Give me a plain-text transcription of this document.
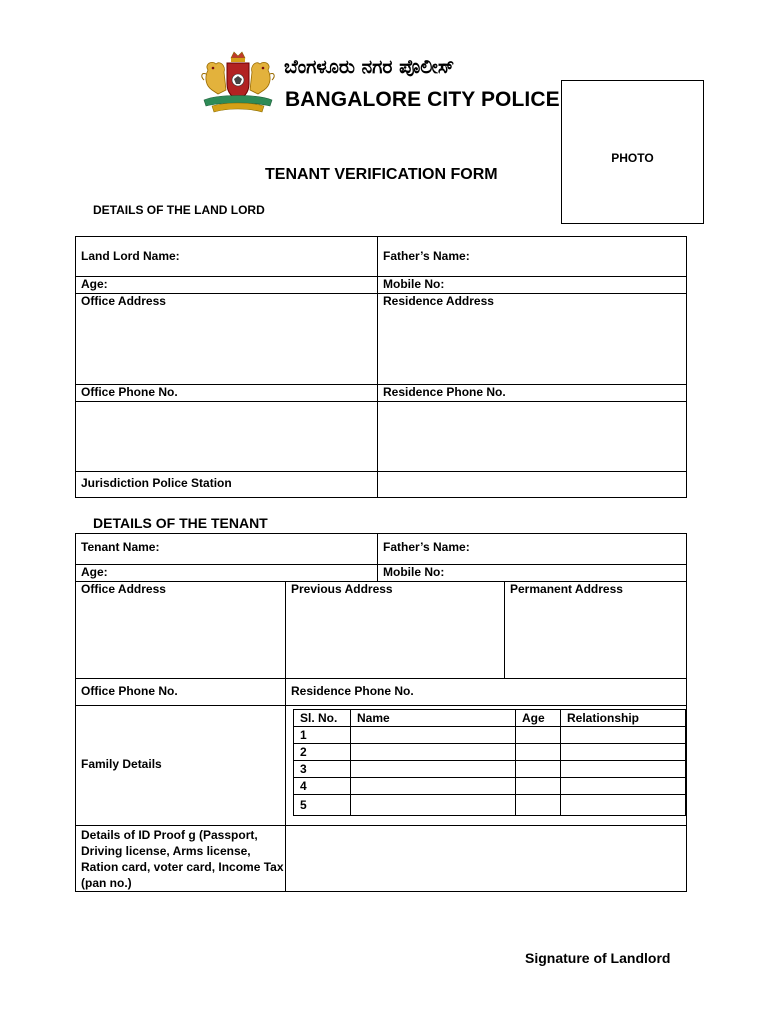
ಬೆಂಗಳೂರು ನಗರ ಪೊಲೀಸ್
BANGALORE CITY POLICE
PHOTO
TENANT VERIFICATION FORM
DETAILS OF THE LAND LORD
Land Lord Name:	Father’s Name:
Age:	Mobile No:
Office Address	Residence Address
Office Phone No.	Residence Phone No.
Jurisdiction Police Station
DETAILS OF THE TENANT
Tenant Name:	Father’s Name:
Age:	Mobile No:
Office Address	Previous Address	Permanent Address
Office Phone No.	Residence Phone No.
Family Details
Sl. No.	Name	Age	Relationship
1			
2			
3			
4			
5			
Details of ID Proof g (Passport, Driving license, Arms license, Ration card, voter card, Income Tax (pan no.)
Signature of Landlord
